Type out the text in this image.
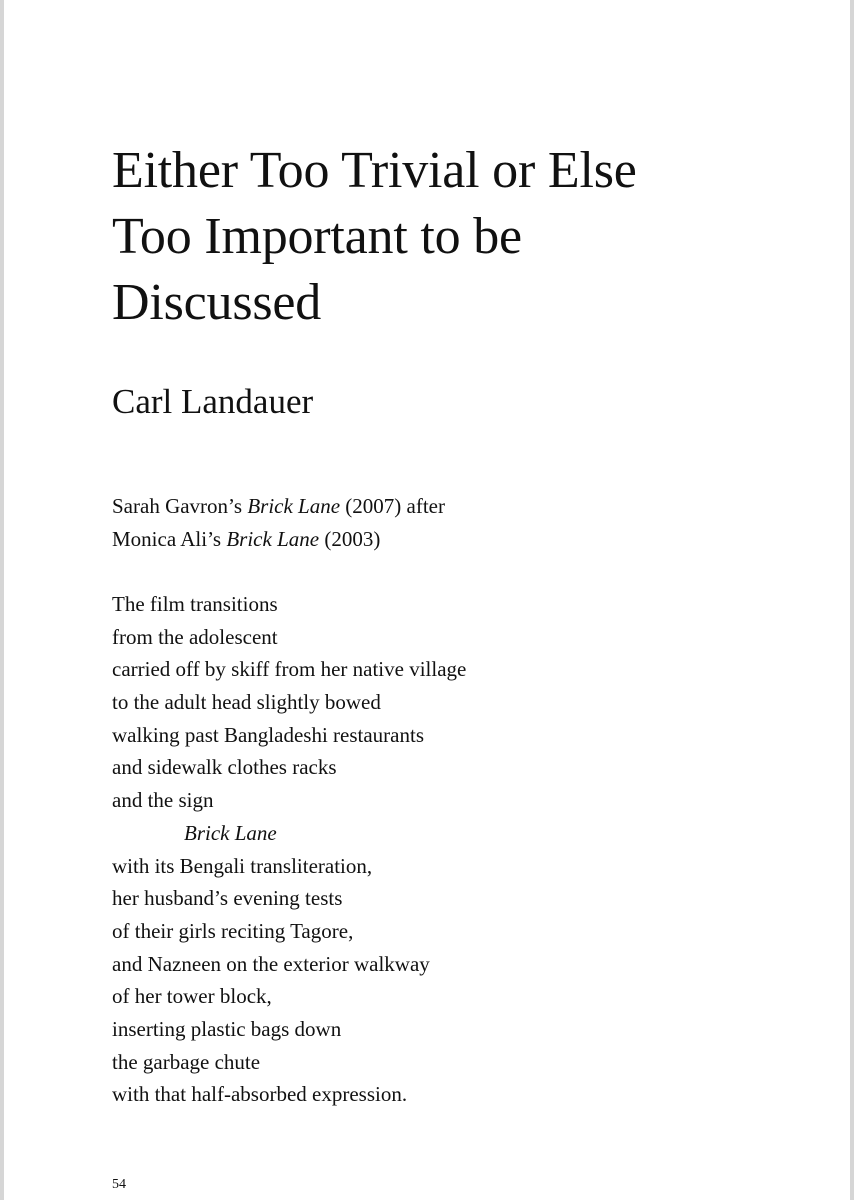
Either Too Trivial or Else
Too Important to be
Discussed
Carl Landauer
Sarah Gavron’s Brick Lane (2007) after
Monica Ali’s Brick Lane (2003)
The film transitions
from the adolescent
carried off by skiff from her native village
to the adult head slightly bowed
walking past Bangladeshi restaurants
and sidewalk clothes racks
and the sign
Brick Lane
with its Bengali transliteration,
her husband’s evening tests
of their girls reciting Tagore,
and Nazneen on the exterior walkway
of her tower block,
inserting plastic bags down
the garbage chute
with that half-absorbed expression.
54
